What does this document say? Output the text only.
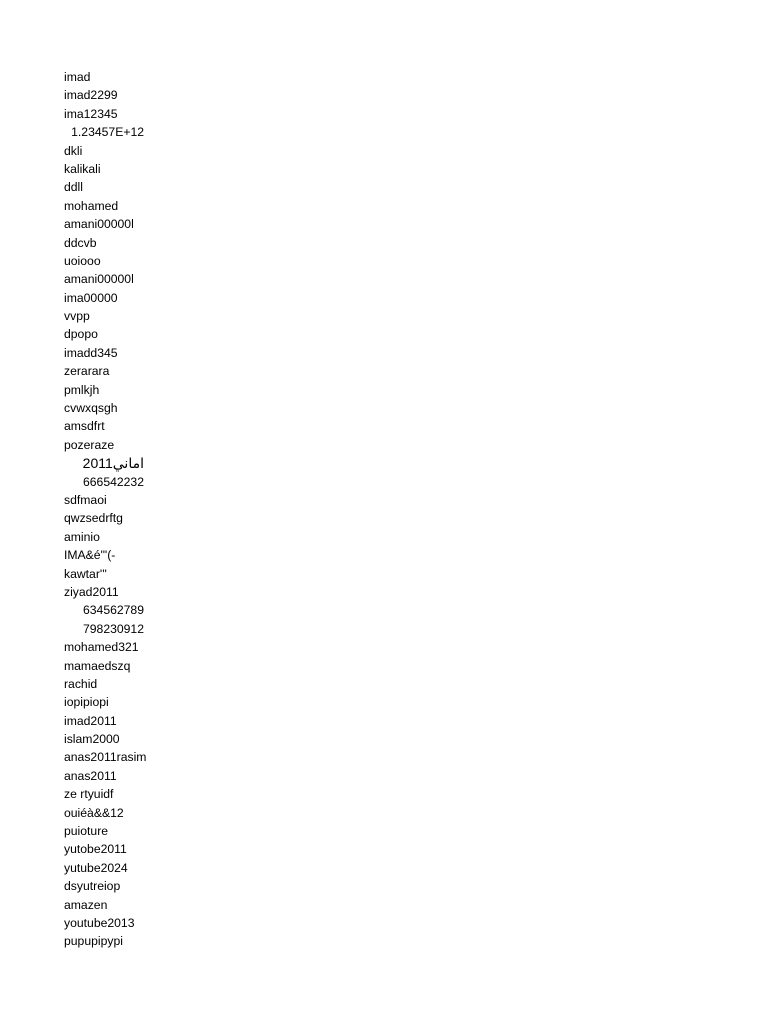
imad
imad2299
ima12345
1.23457E+12
dkli
kalikali
ddll
mohamed
amani00000l
ddcvb
uoiooo
amani00000l
ima00000
vvpp
dpopo
imadd345
zerarara
pmlkjh
cvwxqsgh
amsdfrt
pozeraze
اماني2011
666542232
sdfmaoi
qwzsedrftg
aminio
IMA&é"'(-
kawtar'''
ziyad2011
634562789
798230912
mohamed321
mamaedszq
rachid
iopipiopi
imad2011
islam2000
anas2011rasim
anas2011
ze rtyuidf
ouiéà&&12
puioture
yutobe2011
yutube2024
dsyutreiop
amazen
youtube2013
pupupipypi
